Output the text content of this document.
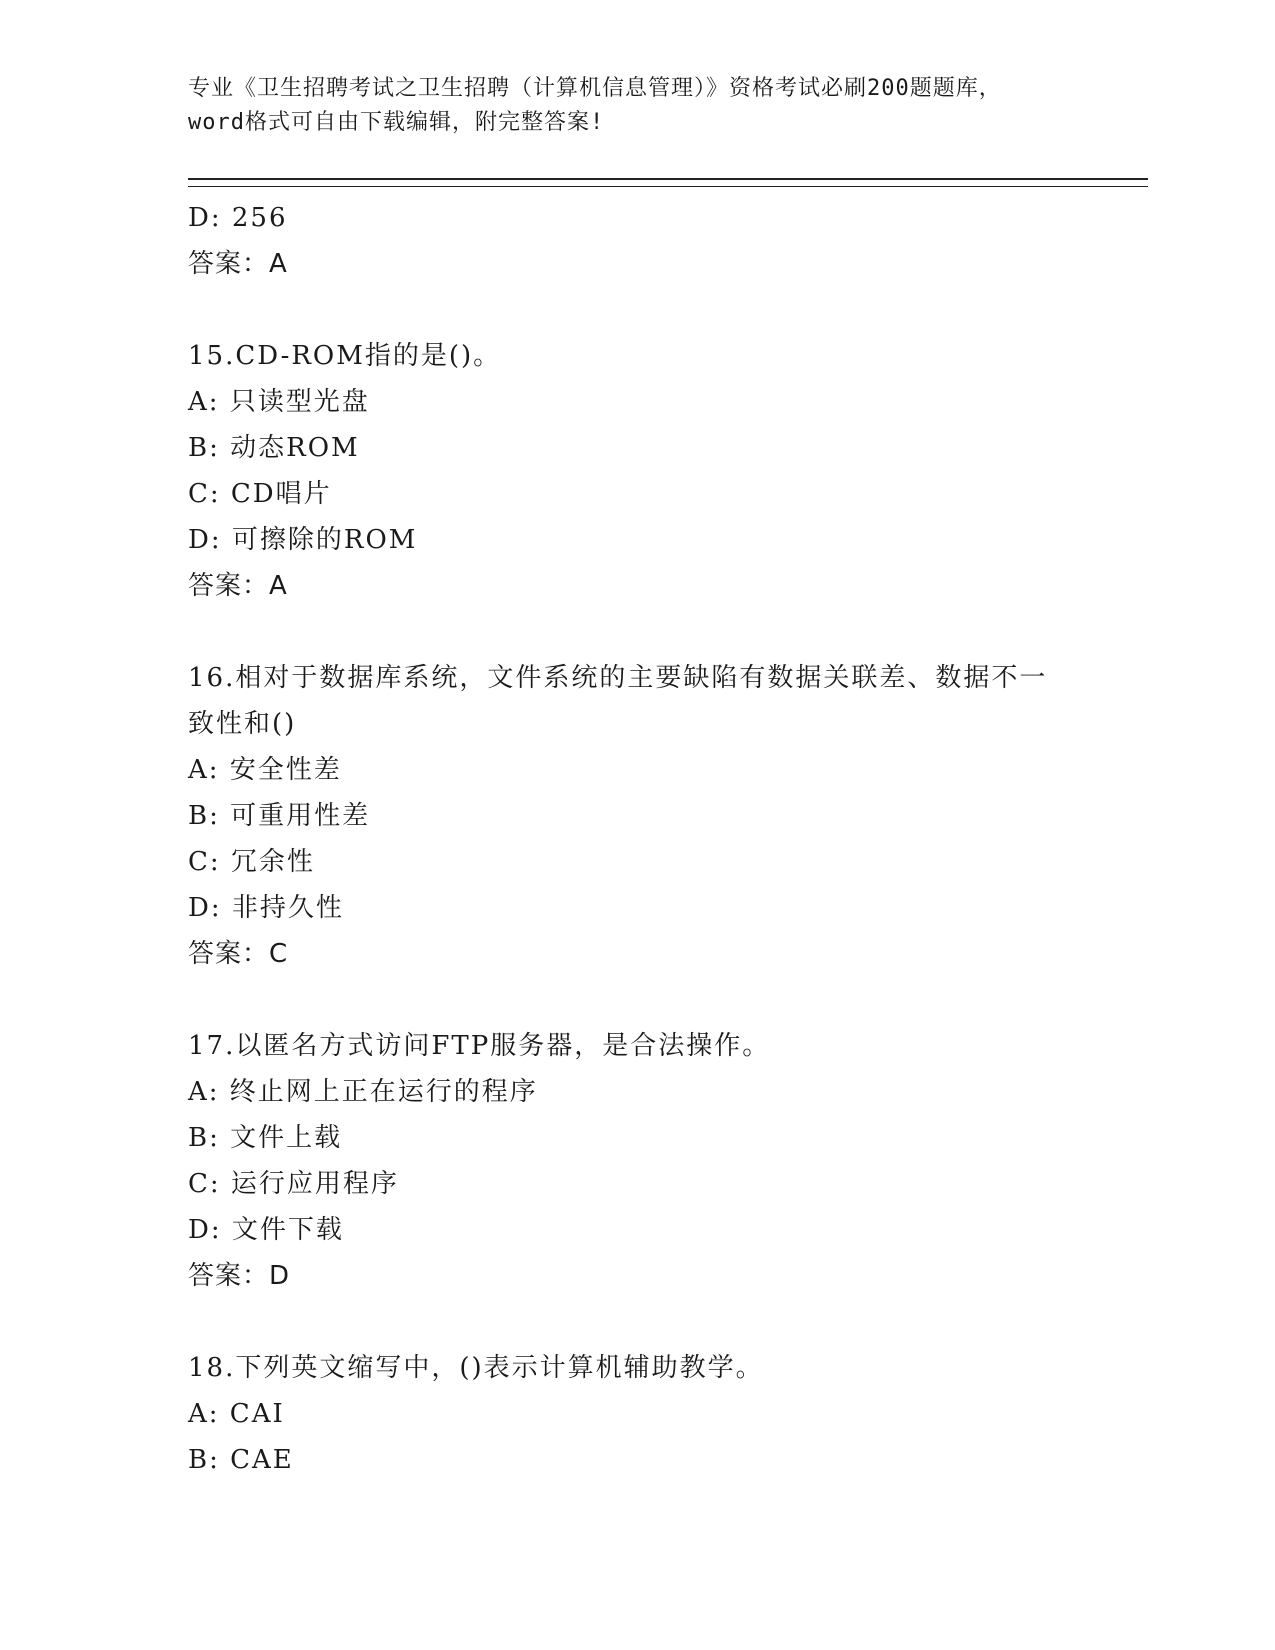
专业《卫生招聘考试之卫生招聘（计算机信息管理）》资格考试必刷200题题库，
word格式可自由下载编辑，附完整答案!
D: 256
答案：A
15.CD-ROM指的是()。
A: 只读型光盘
B: 动态ROM
C: CD唱片
D: 可擦除的ROM
答案：A
16.相对于数据库系统，文件系统的主要缺陷有数据关联差、数据不一致性和()
A: 安全性差
B: 可重用性差
C: 冗余性
D: 非持久性
答案：C
17.以匿名方式访问FTP服务器，是合法操作。
A: 终止网上正在运行的程序
B: 文件上载
C: 运行应用程序
D: 文件下载
答案：D
18.下列英文缩写中，()表示计算机辅助教学。
A: CAI
B: CAE
